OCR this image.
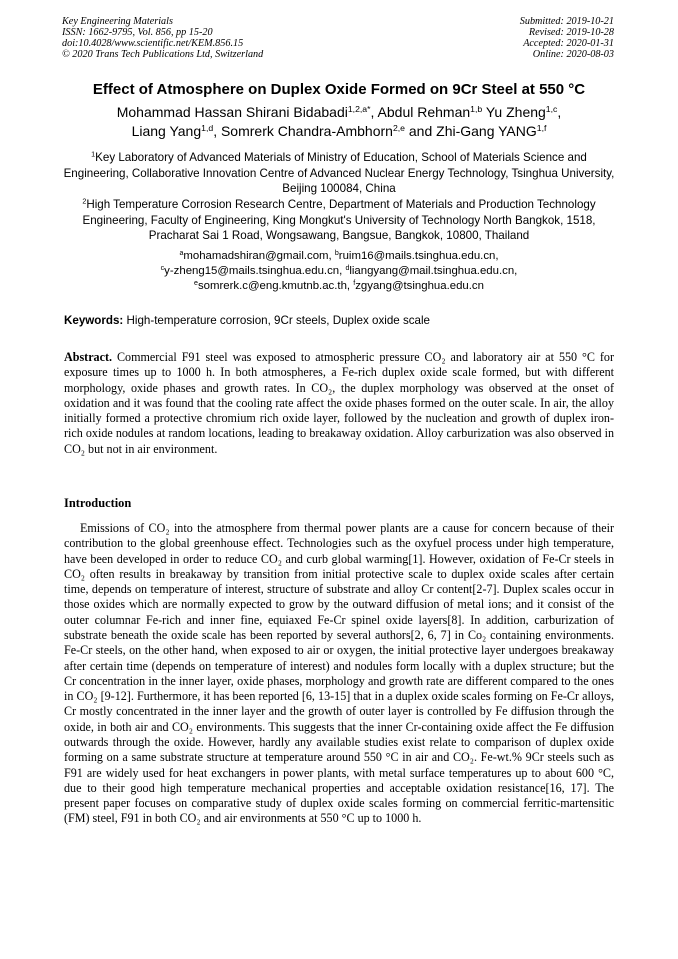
Key Engineering Materials
ISSN: 1662-9795, Vol. 856, pp 15-20
doi:10.4028/www.scientific.net/KEM.856.15
© 2020 Trans Tech Publications Ltd, Switzerland
Submitted: 2019-10-21
Revised: 2019-10-28
Accepted: 2020-01-31
Online: 2020-08-03
Effect of Atmosphere on Duplex Oxide Formed on 9Cr Steel at 550 °C
Mohammad Hassan Shirani Bidabadi$^{1,2,a*}$, Abdul Rehman$^{1,b}$ Yu Zheng$^{1,c}$,
Liang Yang$^{1,d}$, Somrerk Chandra-Ambhorn$^{2,e}$ and Zhi-Gang YANG$^{1,f}$
$^1$Key Laboratory of Advanced Materials of Ministry of Education, School of Materials Science and Engineering, Collaborative Innovation Centre of Advanced Nuclear Energy Technology, Tsinghua University, Beijing 100084, China
$^2$High Temperature Corrosion Research Centre, Department of Materials and Production Technology Engineering, Faculty of Engineering, King Mongkut's University of Technology North Bangkok, 1518, Pracharat Sai 1 Road, Wongsawang, Bangsue, Bangkok, 10800, Thailand
$^a$mohamadshiran@gmail.com, $^b$ruim16@mails.tsinghua.edu.cn,
$^c$y-zheng15@mails.tsinghua.edu.cn, $^d$liangyang@mail.tsinghua.edu.cn,
$^e$somrerk.c@eng.kmutnb.ac.th, $^f$zgyang@tsinghua.edu.cn
Keywords: High-temperature corrosion, 9Cr steels, Duplex oxide scale
Abstract. Commercial F91 steel was exposed to atmospheric pressure CO₂ and laboratory air at 550 °C for exposure times up to 1000 h. In both atmospheres, a Fe-rich duplex oxide scale formed, but with different morphology, oxide phases and growth rates. In CO₂, the duplex morphology was observed at the onset of oxidation and it was found that the cooling rate affect the oxide phases formed on the outer scale. In air, the alloy initially formed a protective chromium rich oxide layer, followed by the nucleation and growth of duplex iron-rich oxide nodules at random locations, leading to breakaway oxidation. Alloy carburization was also observed in CO₂ but not in air environment.
Introduction
Emissions of CO₂ into the atmosphere from thermal power plants are a cause for concern because of their contribution to the global greenhouse effect. Technologies such as the oxyfuel process under high temperature, have been developed in order to reduce CO₂ and curb global warming[1]. However, oxidation of Fe-Cr steels in CO₂ often results in breakaway by transition from initial protective scale to duplex oxide scales after certain time, depends on temperature of interest, structure of substrate and alloy Cr content[2-7]. Duplex scales occur in those oxides which are normally expected to grow by the outward diffusion of metal ions; and it consist of the outer columnar Fe-rich and inner fine, equiaxed Fe-Cr spinel oxide layers[8]. In addition, carburization of substrate beneath the oxide scale has been reported by several authors[2, 6, 7] in Co₂ containing environments. Fe-Cr steels, on the other hand, when exposed to air or oxygen, the initial protective layer undergoes breakaway after certain time (depends on temperature of interest) and nodules form locally with a duplex structure; but the Cr concentration in the inner layer, oxide phases, morphology and growth rate are different compared to the ones in CO₂ [9-12]. Furthermore, it has been reported [6, 13-15] that in a duplex oxide scales forming on Fe-Cr alloys, Cr mostly concentrated in the inner layer and the growth of outer layer is controlled by Fe diffusion through the oxide, in both air and CO₂ environments. This suggests that the inner Cr-containing oxide affect the Fe diffusion outwards through the oxide. However, hardly any available studies exist relate to comparison of duplex oxide forming on a same substrate structure at temperature around 550 °C in air and CO₂. Fe-wt.% 9Cr steels such as F91 are widely used for heat exchangers in power plants, with metal surface temperatures up to about 600 °C, due to their good high temperature mechanical properties and acceptable oxidation resistance[16, 17]. The present paper focuses on comparative study of duplex oxide scales forming on commercial ferritic-martensitic (FM) steel, F91 in both CO₂ and air environments at 550 °C up to 1000 h.
